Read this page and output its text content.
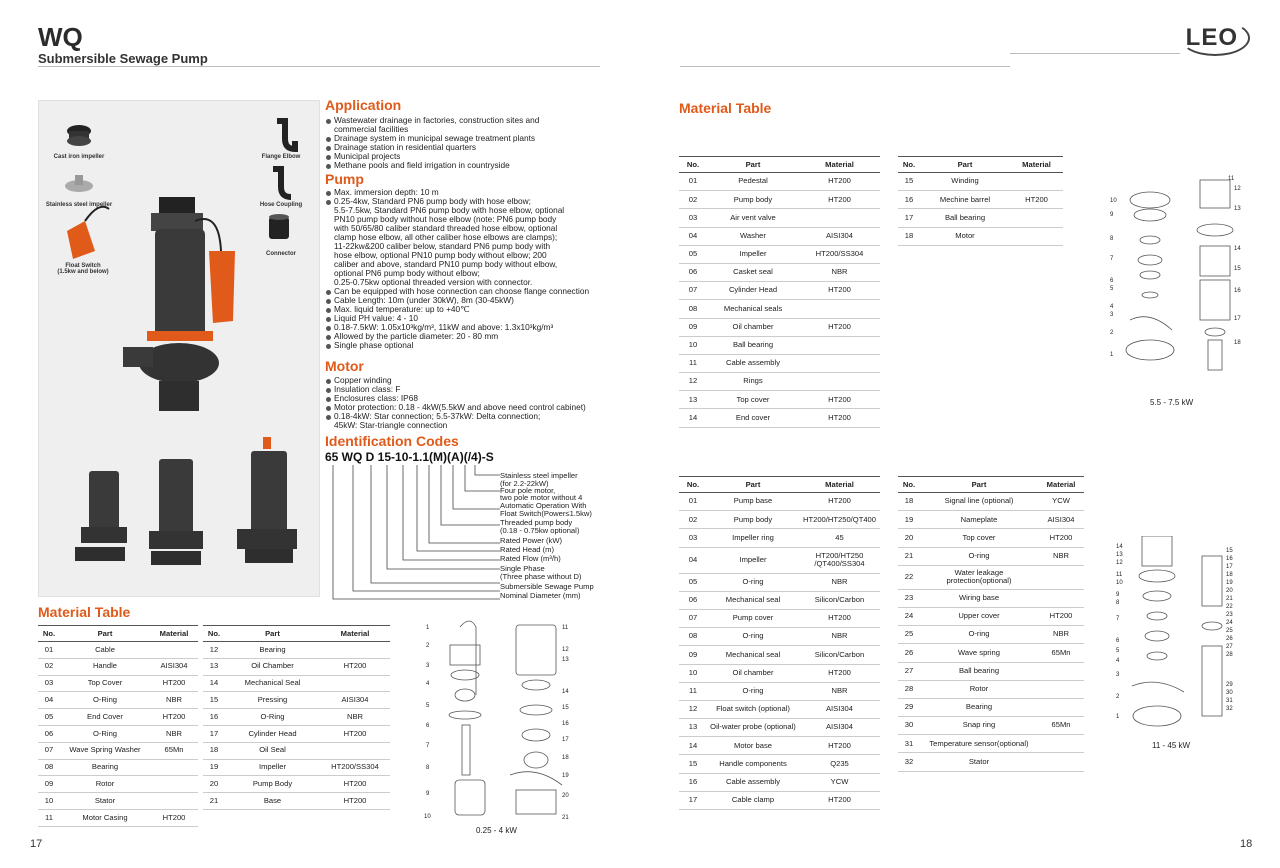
WQ
Submersible Sewage Pump
LEO
Cast iron impeller
Stainless steel impeller
Float Switch
(1.5kw and below)
Flange Elbow
Hose Coupling
Connector
Application
Wastewater drainage in factories, construction sites and
commercial facilities
Drainage system in municipal sewage treatment plants
Drainage station in residential quarters
Municipal projects
Methane pools and field irrigation in countryside
Pump
Max. immersion depth: 10 m
0.25-4kw, Standard PN6 pump body with hose elbow;
5.5-7.5kw, Standard PN6 pump body with hose elbow, optional
PN10 pump body without hose elbow (note: PN6 pump body
with 50/65/80 caliber standard threaded hose elbow, optional
clamp hose elbow, all other caliber hose elbows are clamps);
11-22kw&200 caliber below, standard PN6 pump body with
hose elbow, optional PN10 pump body without elbow; 200
caliber and above, standard PN10 pump body without elbow,
optional PN6 pump body without elbow;
0.25-0.75kw optional threaded version with connector.
Can be equipped with hose connection can choose flange connection
Cable Length: 10m (under 30kW), 8m (30-45kW)
Max. liquid temperature: up to +40℃
Liquid PH value: 4 - 10
0.18-7.5kW: 1.05x10³kg/m³, 11kW and above: 1.3x10³kg/m³
Allowed by the particle diameter: 20 - 80 mm
Single phase optional
Motor
Copper winding
Insulation class: F
Enclosures class: IP68
Motor protection: 0.18 - 4kW(5.5kW and above need control cabinet)
0.18-4kW: Star connection; 5.5-37kW: Delta connection;
45kW: Star-triangle connection
Identification Codes
65 WQ D 15-10-1.1(M)(A)(/4)-S
Stainless steel impeller
(for 2.2-22kW)
Four pole motor,
two pole motor without 4
Automatic Operation With
Float Switch(Power≤1.5kw)
Threaded pump body
(0.18 - 0.75kw optional)
Rated Power (kW)
Rated Head (m)
Rated Flow (m³/h)
Single Phase
(Three phase without D)
Submersible Sewage Pump
Nominal Diameter (mm)
Material Table
No.	Part	Material
01	Cable	
02	Handle	AISI304
03	Top Cover	HT200
04	O-Ring	NBR
05	End Cover	HT200
06	O-Ring	NBR
07	Wave Spring Washer	65Mn
08	Bearing	
09	Rotor	
10	Stator	
11	Motor Casing	HT200
No.	Part	Material
12	Bearing	
13	Oil Chamber	HT200
14	Mechanical Seal	
15	Pressing	AISI304
16	O-Ring	NBR
17	Cylinder Head	HT200
18	Oil Seal	
19	Impeller	HT200/SS304
20	Pump Body	HT200
21	Base	HT200
1
2
3
4
5
6
7
8
9
10
11
12
13
14
15
16
17
18
19
20
21
0.25 - 4 kW
Material Table
No.	Part	Material
01	Pedestal	HT200
02	Pump body	HT200
03	Air vent valve	
04	Washer	AISI304
05	Impeller	HT200/SS304
06	Casket seal	NBR
07	Cylinder Head	HT200
08	Mechanical seals	
09	Oil chamber	HT200
10	Ball bearing	
11	Cable assembly	
12	Rings	
13	Top cover	HT200
14	End cover	HT200
No.	Part	Material
15	Winding	
16	Mechine barrel	HT200
17	Ball bearing	
18	Motor	
No.	Part	Material
01	Pump base	HT200
02	Pump body	HT200/HT250/QT400
03	Impeller ring	45
04	Impeller	HT200/HT250 /QT400/SS304
05	O-ring	NBR
06	Mechanical seal	Silicon/Carbon
07	Pump cover	HT200
08	O-ring	NBR
09	Mechanical seal	Silicon/Carbon
10	Oil chamber	HT200
11	O-ring	NBR
12	Float switch (optional)	AISI304
13	Oil-water probe (optional)	AISI304
14	Motor base	HT200
15	Handle components	Q235
16	Cable assembly	YCW
17	Cable clamp	HT200
No.	Part	Material
18	Signal line (optional)	YCW
19	Nameplate	AISI304
20	Top cover	HT200
21	O-ring	NBR
22	Water leakage protection(optional)	
23	Wiring base	
24	Upper cover	HT200
25	O-ring	NBR
26	Wave spring	65Mn
27	Ball bearing	
28	Rotor	
29	Bearing	
30	Snap ring	65Mn
31	Temperature sensor(optional)	
32	Stator	
10
9
8
7
6
5
4
3
2
1
11
12
13
14
15
16
17
18
5.5 - 7.5 kW
14
13
12
11
10
9
8
7
6
5
4
3
2
1
15
16
17
18
19
20
21
22
23
24
25
26
27
28
29
30
31
32
11 - 45 kW
17	18
